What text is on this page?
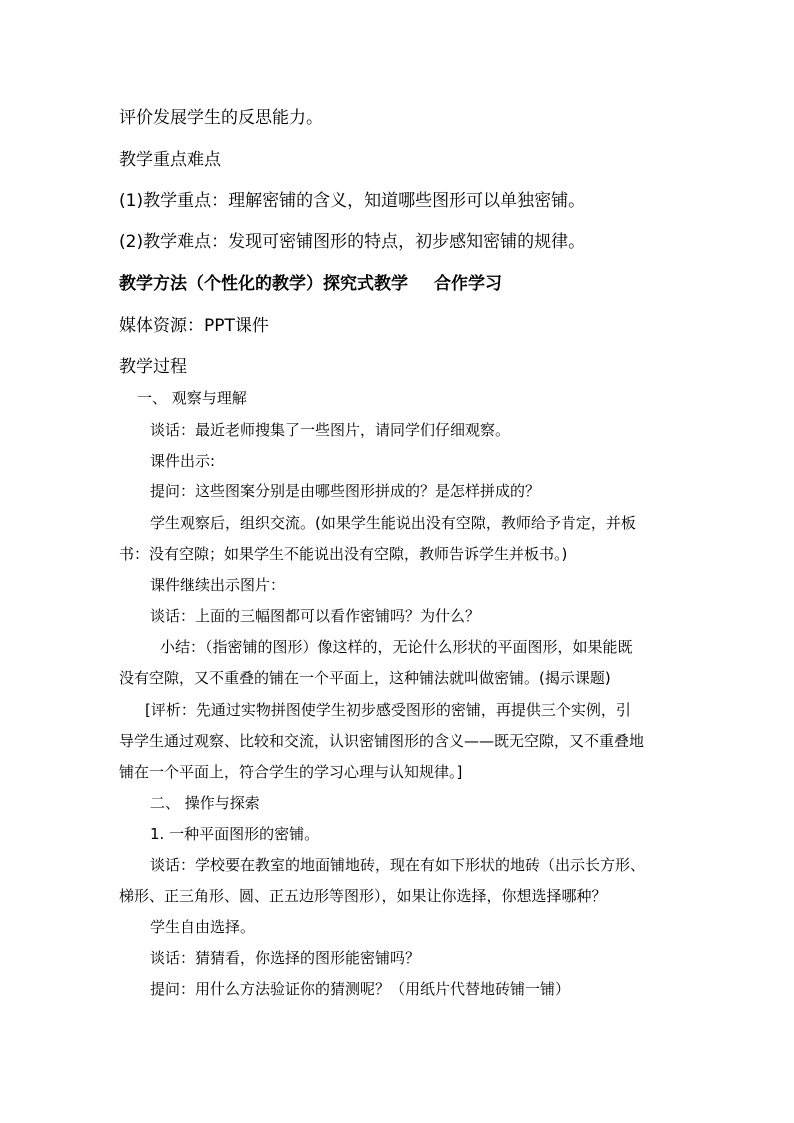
评价发展学生的反思能力。
教学重点难点
(1)教学重点：理解密铺的含义，知道哪些图形可以单独密铺。
(2)教学难点：发现可密铺图形的特点，初步感知密铺的规律。
教学方法（个性化的教学）探究式教学 合作学习
媒体资源：PPT课件
教学过程
一、 观察与理解
谈话：最近老师搜集了一些图片，请同学们仔细观察。
课件出示:
提问：这些图案分别是由哪些图形拼成的？是怎样拼成的？
学生观察后，组织交流。(如果学生能说出没有空隙，教师给予肯定，并板
书：没有空隙；如果学生不能说出没有空隙，教师告诉学生并板书。)
课件继续出示图片：
谈话：上面的三幅图都可以看作密铺吗？为什么？
小结：（指密铺的图形）像这样的，无论什么形状的平面图形，如果能既
没有空隙，又不重叠的铺在一个平面上，这种铺法就叫做密铺。(揭示课题)
[评析：先通过实物拼图使学生初步感受图形的密铺，再提供三个实例，引
导学生通过观察、比较和交流，认识密铺图形的含义——既无空隙，又不重叠地
铺在一个平面上，符合学生的学习心理与认知规律。]
二、 操作与探索
1. 一种平面图形的密铺。
谈话：学校要在教室的地面铺地砖，现在有如下形状的地砖（出示长方形、
梯形、正三角形、圆、正五边形等图形），如果让你选择，你想选择哪种？
学生自由选择。
谈话：猜猜看，你选择的图形能密铺吗？
提问：用什么方法验证你的猜测呢？（用纸片代替地砖铺一铺）
